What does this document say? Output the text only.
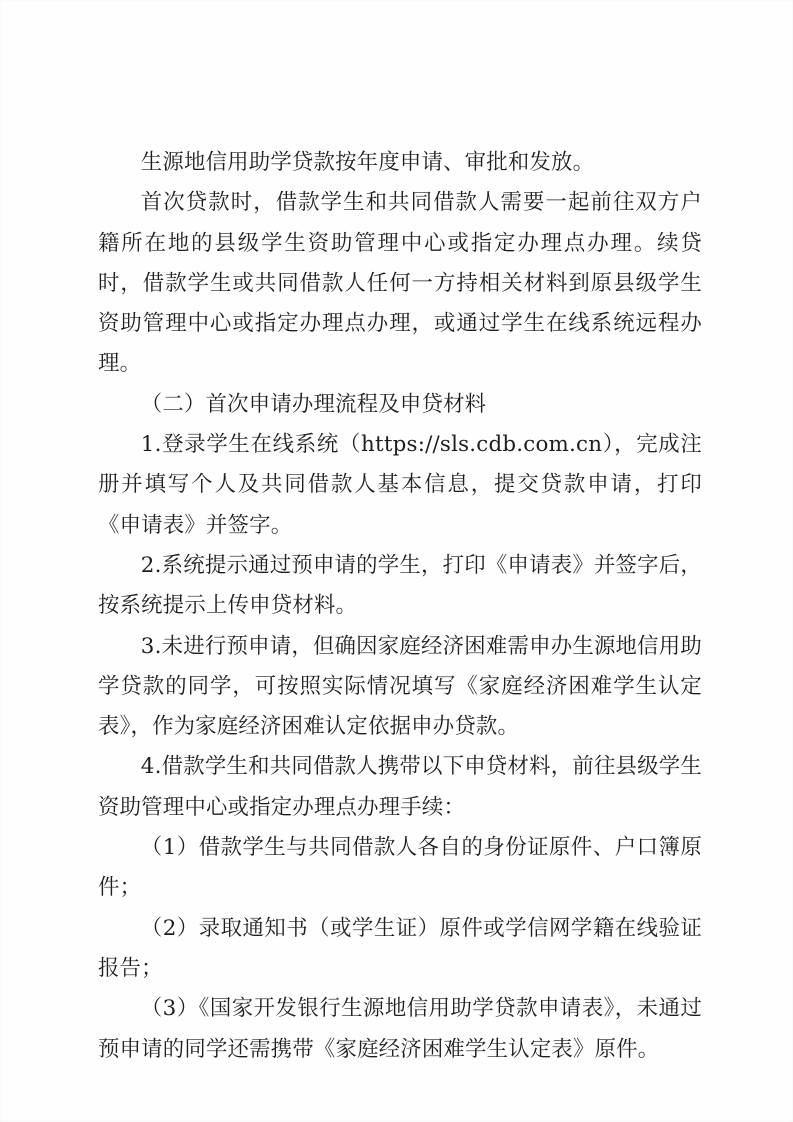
生源地信用助学贷款按年度申请、审批和发放。

首次贷款时，借款学生和共同借款人需要一起前往双方户籍所在地的县级学生资助管理中心或指定办理点办理。续贷时，借款学生或共同借款人任何一方持相关材料到原县级学生资助管理中心或指定办理点办理，或通过学生在线系统远程办理。

（二）首次申请办理流程及申贷材料

1.登录学生在线系统（https://sls.cdb.com.cn），完成注册并填写个人及共同借款人基本信息，提交贷款申请，打印《申请表》并签字。

2.系统提示通过预申请的学生，打印《申请表》并签字后，按系统提示上传申贷材料。

3.未进行预申请，但确因家庭经济困难需申办生源地信用助学贷款的同学，可按照实际情况填写《家庭经济困难学生认定表》，作为家庭经济困难认定依据申办贷款。

4.借款学生和共同借款人携带以下申贷材料，前往县级学生资助管理中心或指定办理点办理手续：

（1）借款学生与共同借款人各自的身份证原件、户口簿原件；

（2）录取通知书（或学生证）原件或学信网学籍在线验证报告；

（3）《国家开发银行生源地信用助学贷款申请表》，未通过预申请的同学还需携带《家庭经济困难学生认定表》原件。
